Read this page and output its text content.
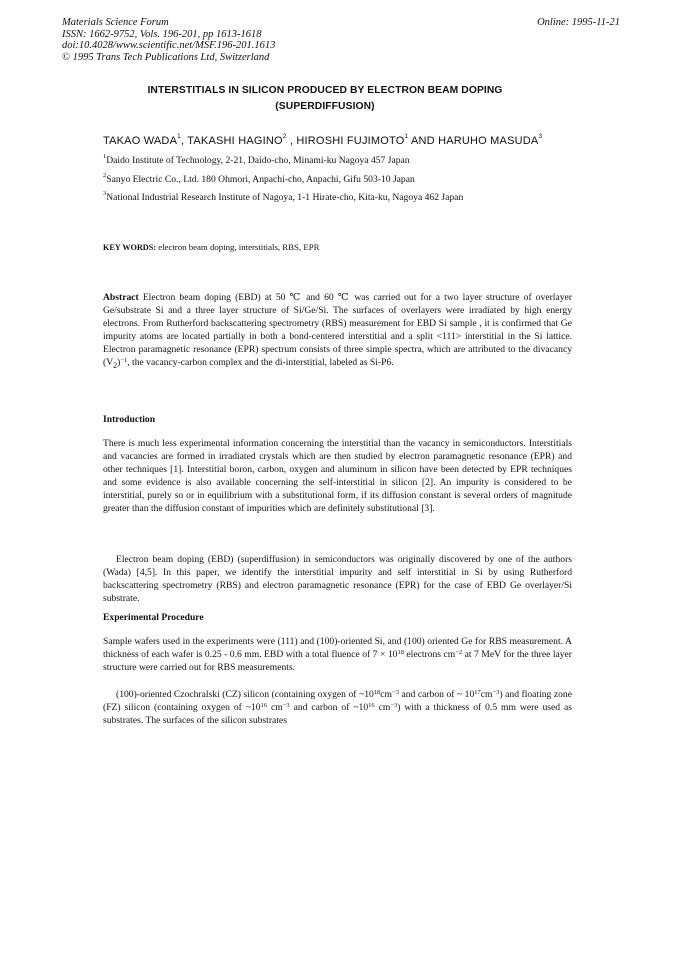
Materials Science Forum
ISSN: 1662-9752, Vols. 196-201, pp 1613-1618
doi:10.4028/www.scientific.net/MSF.196-201.1613
© 1995 Trans Tech Publications Ltd, Switzerland
Online: 1995-11-21
INTERSTITIALS IN SILICON PRODUCED BY ELECTRON BEAM DOPING
(SUPERDIFFUSION)
TAKAO WADA$^1$, TAKASHI HAGINO$^2$ , HIROSHI FUJIMOTO$^1$ AND HARUHO MASUDA$^3$
$^1$Daido Institute of Technology, 2-21, Daido-cho, Minami-ku Nagoya 457 Japan
$^2$Sanyo Electric Co., Ltd. 180 Ohmori, Anpachi-cho, Anpachi, Gifu 503-10 Japan
$^3$National Industrial Research Institute of Nagoya, 1-1 Hirate-cho, Kita-ku, Nagoya 462 Japan
KEY WORDS: electron beam doping, interstitials, RBS, EPR
Abstract Electron beam doping (EBD) at 50 ℃ and 60 ℃ was carried out for a two layer structure of overlayer Ge/substrate Si and a three layer structure of Si/Ge/Si. The surfaces of overlayers were irradiated by high energy electrons. From Rutherford backscattering spectrometry (RBS) measurement for EBD Si sample , it is confirmed that Ge impurity atoms are located partially in both a bond-centered interstitial and a split <111> interstitial in the Si lattice. Electron paramagnetic resonance (EPR) spectrum consists of three simple spectra, which are attributed to the divacancy $(V_2)^{-1}$, the vacancy-carbon complex and the di-interstitial, labeled as Si-P6.
Introduction
There is much less experimental information concerning the interstitial than the vacancy in semiconductors. Interstitials and vacancies are formed in irradiated crystals which are then studied by electron paramagnetic resonance (EPR) and other techniques [1]. Interstitial boron, carbon, oxygen and aluminum in silicon have been detected by EPR techniques and some evidence is also available concerning the self-interstitial in silicon [2]. An impurity is considered to be interstitial, purely so or in equilibrium with a substitutional form, if its diffusion constant is several orders of magnitude greater than the diffusion constant of impurities which are definitely substitutional [3].
Electron beam doping (EBD) (superdiffusion) in semiconductors was originally discovered by one of the authors (Wada) [4,5]. In this paper, we identify the interstitial impurity and self interstitial in Si by using Rutherford backscattering spectrometry (RBS) and electron paramagnetic resonance (EPR) for the case of EBD Ge overlayer/Si substrate.
Experimental Procedure
Sample wafers used in the experiments were (111) and (100)-oriented Si, and (100) oriented Ge for RBS measurement. A thickness of each wafer is 0.25 - 0.6 mm. EBD with a total fluence of $7 \times 10^{18}$ electrons $cm^{-2}$ at 7 MeV for the three layer structure were carried out for RBS measurements.
(100)-oriented Czochralski (CZ) silicon (containing oxygen of $\sim 10^{18}cm^{-3}$ and carbon of ~ $10^{17}cm^{-3}$) and floating zone (FZ) silicon (containing oxygen of $\sim 10^{16}$ $cm^{-3}$ and carbon of $\sim 10^{16}$ $cm^{-3}$) with a thickness of 0.5 mm were used as substrates. The surfaces of the silicon substrates
